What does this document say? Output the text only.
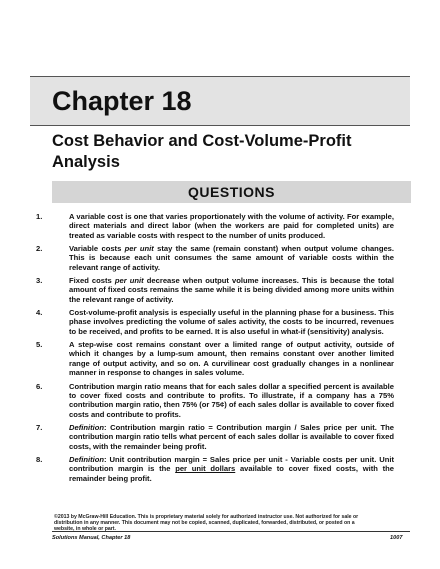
Chapter 18
Cost Behavior and Cost-Volume-Profit Analysis
QUESTIONS
1.	A variable cost is one that varies proportionately with the volume of activity. For example, direct materials and direct labor (when the workers are paid for completed units) are treated as variable costs with respect to the number of units produced.
2.	Variable costs per unit stay the same (remain constant) when output volume changes. This is because each unit consumes the same amount of variable costs within the relevant range of activity.
3.	Fixed costs per unit decrease when output volume increases. This is because the total amount of fixed costs remains the same while it is being divided among more units within the relevant range of activity.
4.	Cost-volume-profit analysis is especially useful in the planning phase for a business. This phase involves predicting the volume of sales activity, the costs to be incurred, revenues to be received, and profits to be earned. It is also useful in what-if (sensitivity) analysis.
5.	A step-wise cost remains constant over a limited range of output activity, outside of which it changes by a lump-sum amount, then remains constant over another limited range of output activity, and so on. A curvilinear cost gradually changes in a nonlinear manner in response to changes in sales volume.
6.	Contribution margin ratio means that for each sales dollar a specified percent is available to cover fixed costs and contribute to profits. To illustrate, if a company has a 75% contribution margin ratio, then 75% (or 75¢) of each sales dollar is available to cover fixed costs and contribute to profits.
7.	Definition: Contribution margin ratio = Contribution margin / Sales price per unit. The contribution margin ratio tells what percent of each sales dollar is available to cover fixed costs, with the remainder being profit.
8.	Definition: Unit contribution margin = Sales price per unit - Variable costs per unit. Unit contribution margin is the per unit dollars available to cover fixed costs, with the remainder being profit.
©2013 by McGraw-Hill Education. This is proprietary material solely for authorized instructor use. Not authorized for sale or distribution in any manner. This document may not be copied, scanned, duplicated, forwarded, distributed, or posted on a website, in whole or part.
Solutions Manual, Chapter 18	1007
